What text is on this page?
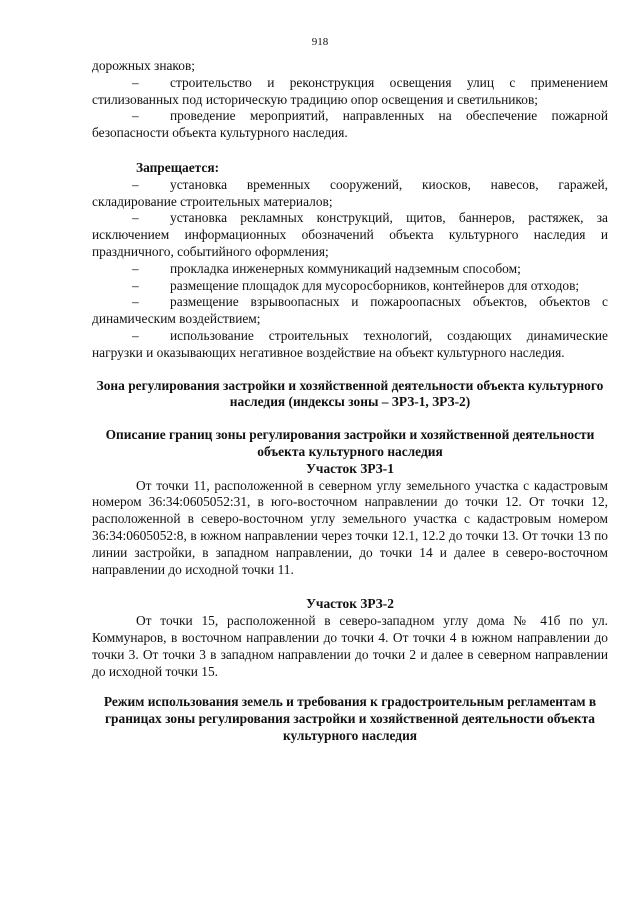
918

дорожных знаков;

– строительство и реконструкция освещения улиц с применением стилизованных под историческую традицию опор освещения и светильников;

– проведение мероприятий, направленных на обеспечение пожарной безопасности объекта культурного наследия.

Запрещается:

– установка временных сооружений, киосков, навесов, гаражей, складирование строительных материалов;

– установка рекламных конструкций, щитов, баннеров, растяжек, за исключением информационных обозначений объекта культурного наследия и праздничного, событийного оформления;

– прокладка инженерных коммуникаций надземным способом;

– размещение площадок для мусоросборников, контейнеров для отходов;

– размещение взрывоопасных и пожароопасных объектов, объектов с динамическим воздействием;

– использование строительных технологий, создающих динамические нагрузки и оказывающих негативное воздействие на объект культурного наследия.

Зона регулирования застройки и хозяйственной деятельности объекта культурного наследия (индексы зоны – ЗРЗ-1, ЗРЗ-2)

Описание границ зоны регулирования застройки и хозяйственной деятельности объекта культурного наследия

Участок ЗРЗ-1

От точки 11, расположенной в северном углу земельного участка с кадастровым номером 36:34:0605052:31, в юго-восточном направлении до точки 12. От точки 12, расположенной в северо-восточном углу земельного участка с кадастровым номером 36:34:0605052:8, в южном направлении через точки 12.1, 12.2 до точки 13. От точки 13 по линии застройки, в западном направлении, до точки 14 и далее в северо-восточном направлении до исходной точки 11.

Участок ЗРЗ-2

От точки 15, расположенной в северо-западном углу дома № 41б по ул. Коммунаров, в восточном направлении до точки 4. От точки 4 в южном направлении до точки 3. От точки 3 в западном направлении до точки 2 и далее в северном направлении до исходной точки 15.

Режим использования земель и требования к градостроительным регламентам в границах зоны регулирования застройки и хозяйственной деятельности объекта культурного наследия
